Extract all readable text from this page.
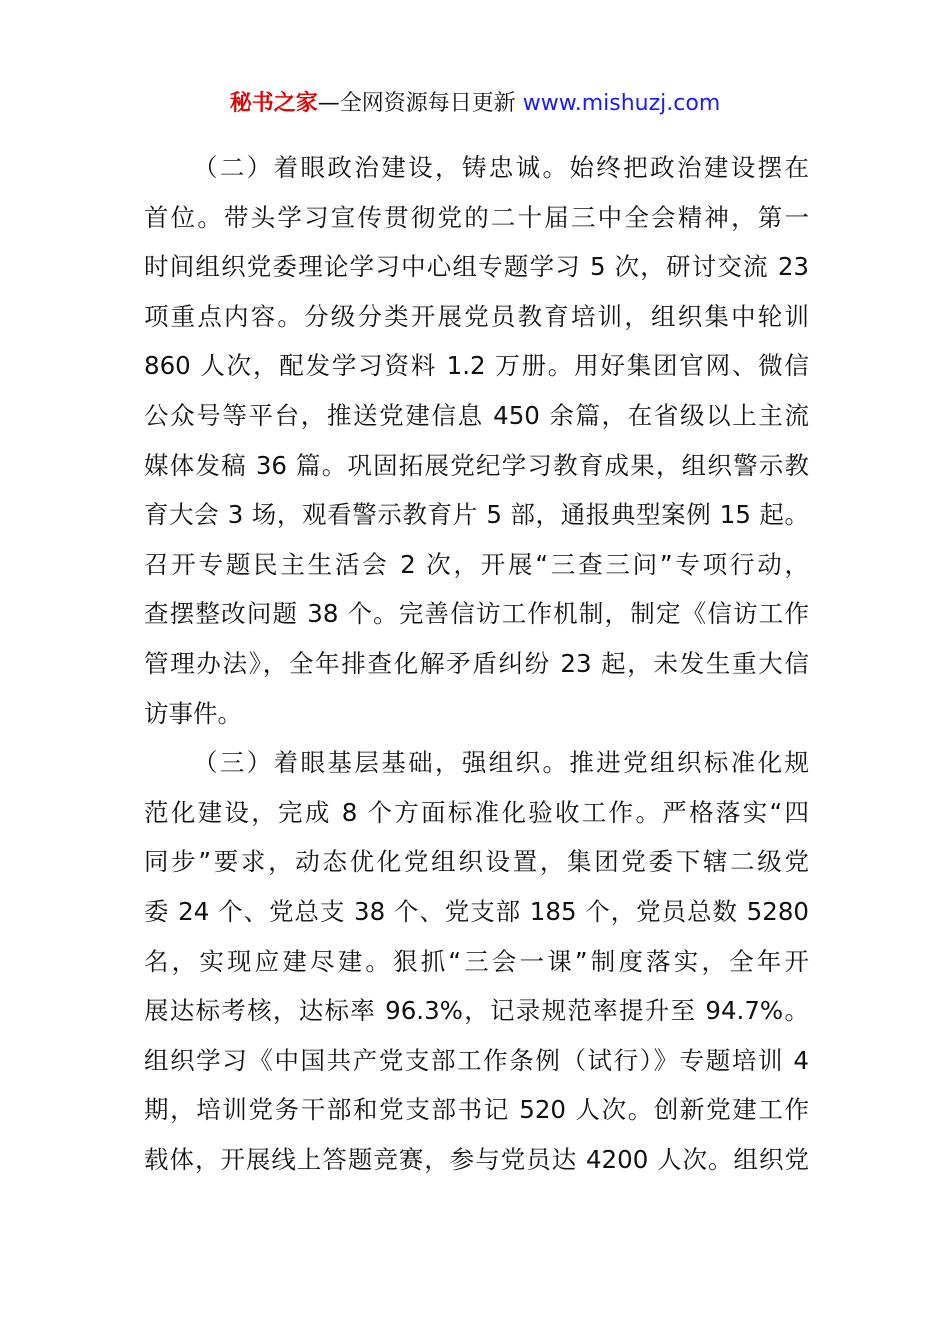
秘书之家—全网资源每日更新 www.mishuzj.com
（二）着眼政治建设，铸忠诚。始终把政治建设摆在
首位。带头学习宣传贯彻党的二十届三中全会精神，第一
时间组织党委理论学习中心组专题学习 5 次，研讨交流 23
项重点内容。分级分类开展党员教育培训，组织集中轮训
860 人次，配发学习资料 1.2 万册。用好集团官网、微信
公众号等平台，推送党建信息 450 余篇，在省级以上主流
媒体发稿 36 篇。巩固拓展党纪学习教育成果，组织警示教
育大会 3 场，观看警示教育片 5 部，通报典型案例 15 起。
召开专题民主生活会 2 次，开展“三查三问”专项行动，
查摆整改问题 38 个。完善信访工作机制，制定《信访工作
管理办法》，全年排查化解矛盾纠纷 23 起，未发生重大信
访事件。
（三）着眼基层基础，强组织。推进党组织标准化规
范化建设，完成 8 个方面标准化验收工作。严格落实“四
同步”要求，动态优化党组织设置，集团党委下辖二级党
委 24 个、党总支 38 个、党支部 185 个，党员总数 5280
名，实现应建尽建。狠抓“三会一课”制度落实，全年开
展达标考核，达标率 96.3%，记录规范率提升至 94.7%。
组织学习《中国共产党支部工作条例（试行）》专题培训 4
期，培训党务干部和党支部书记 520 人次。创新党建工作
载体，开展线上答题竞赛，参与党员达 4200 人次。组织党
